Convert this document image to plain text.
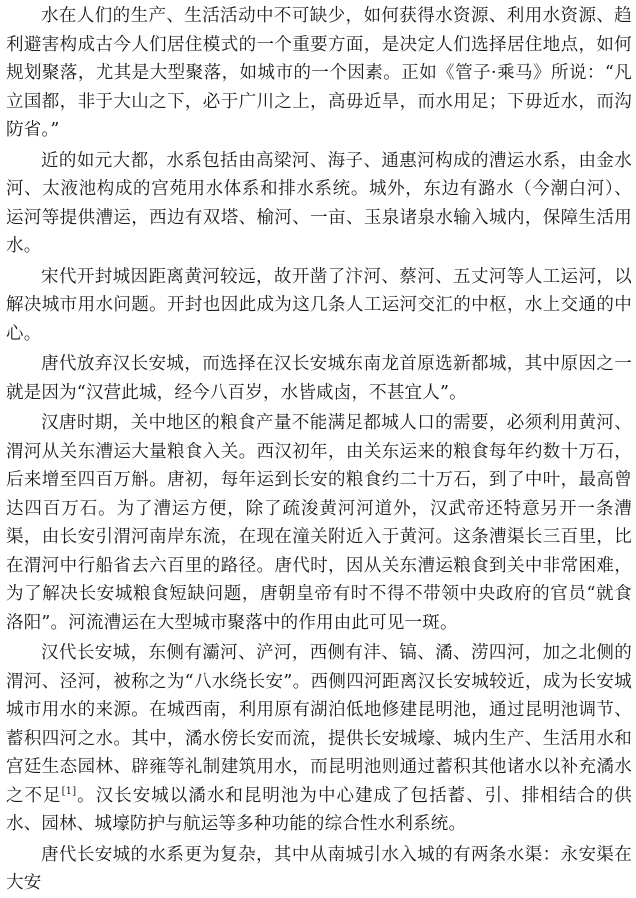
水在人们的生产、生活活动中不可缺少，如何获得水资源、利用水资源、趋利避害构成古今人们居住模式的一个重要方面，是决定人们选择居住地点，如何规划聚落，尤其是大型聚落，如城市的一个因素。正如《管子·乘马》所说：“凡立国都，非于大山之下，必于广川之上，高毋近旱，而水用足；下毋近水，而沟防省。”

近的如元大都，水系包括由高梁河、海子、通惠河构成的漕运水系，由金水河、太液池构成的宫苑用水体系和排水系统。城外，东边有潞水（今潮白河）、运河等提供漕运，西边有双塔、榆河、一亩、玉泉诸泉水输入城内，保障生活用水。

宋代开封城因距离黄河较远，故开凿了汴河、蔡河、五丈河等人工运河，以解决城市用水问题。开封也因此成为这几条人工运河交汇的中枢，水上交通的中心。

唐代放弃汉长安城，而选择在汉长安城东南龙首原选新都城，其中原因之一就是因为“汉营此城，经今八百岁，水皆咸卤，不甚宜人”。

汉唐时期，关中地区的粮食产量不能满足都城人口的需要，必须利用黄河、渭河从关东漕运大量粮食入关。西汉初年，由关东运来的粮食每年约数十万石，后来增至四百万斛。唐初，每年运到长安的粮食约二十万石，到了中叶，最高曾达四百万石。为了漕运方便，除了疏浚黄河河道外，汉武帝还特意另开一条漕渠，由长安引渭河南岸东流，在现在潼关附近入于黄河。这条漕渠长三百里，比在渭河中行船省去六百里的路径。唐代时，因从关东漕运粮食到关中非常困难，为了解决长安城粮食短缺问题，唐朝皇帝有时不得不带领中央政府的官员“就食洛阳”。河流漕运在大型城市聚落中的作用由此可见一斑。

汉代长安城，东侧有灞河、浐河，西侧有沣、镐、潏、涝四河，加之北侧的渭河、泾河，被称之为“八水绕长安”。西侧四河距离汉长安城较近，成为长安城城市用水的来源。在城西南，利用原有湖泊低地修建昆明池，通过昆明池调节、蓄积四河之水。其中，潏水傍长安而流，提供长安城壕、城内生产、生活用水和宫廷生态园林、辟雍等礼制建筑用水，而昆明池则通过蓄积其他诸水以补充潏水之不足[1]。汉长安城以潏水和昆明池为中心建成了包括蓄、引、排相结合的供水、园林、城壕防护与航运等多种功能的综合性水利系统。

唐代长安城的水系更为复杂，其中从南城引水入城的有两条水渠：永安渠在大安
